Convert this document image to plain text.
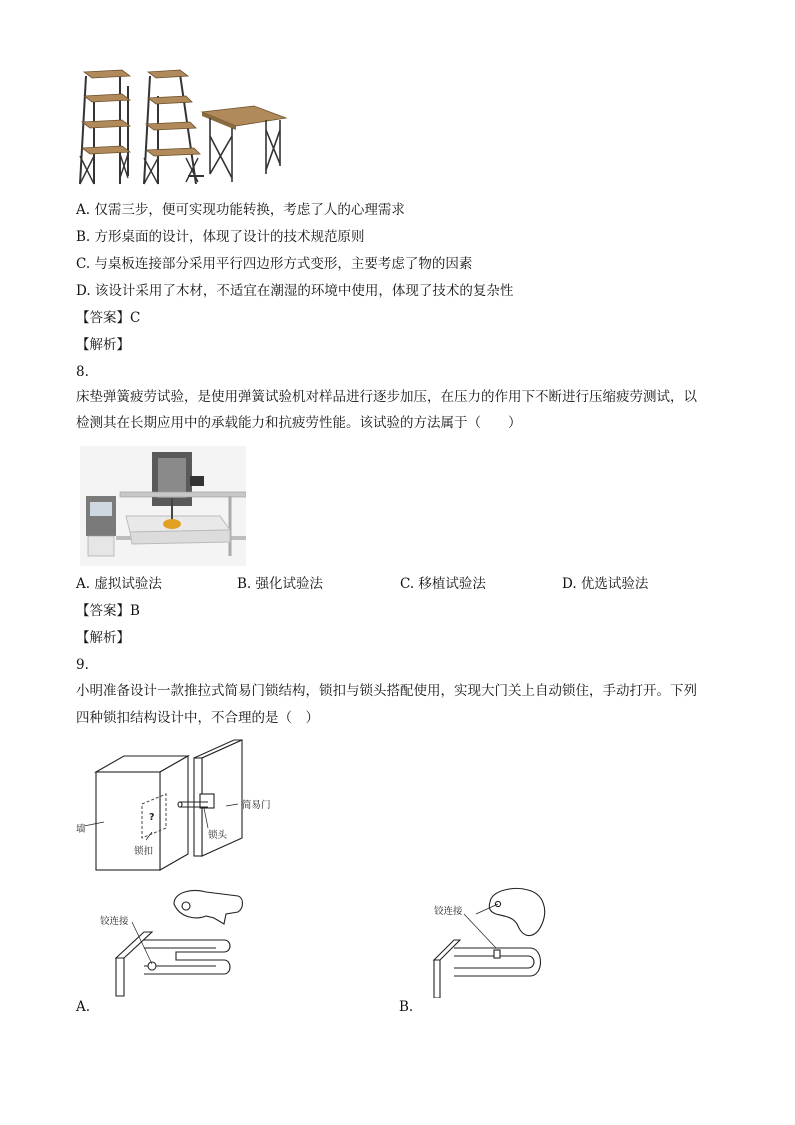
A. 仅需三步，便可实现功能转换，考虑了人的心理需求
B. 方形桌面的设计，体现了设计的技术规范原则
C. 与桌板连接部分采用平行四边形方式变形，主要考虑了物的因素
D. 该设计采用了木材，不适宜在潮湿的环境中使用，体现了技术的复杂性
【答案】C
【解析】
8.
床垫弹簧疲劳试验，是使用弹簧试验机对样品进行逐步加压，在压力的作用下不断进行压缩疲劳测试，以
检测其在长期应用中的承载能力和抗疲劳性能。该试验的方法属于（　　）
A. 虚拟试验法	B. 强化试验法	C. 移植试验法	D. 优选试验法
【答案】B
【解析】
9.
小明准备设计一款推拉式简易门锁结构，锁扣与锁头搭配使用，实现大门关上自动锁住，手动打开。下列
四种锁扣结构设计中，不合理的是（　）
?
墙
锁扣
锁头
简易门
铰连接
A.
铰连接
B.
